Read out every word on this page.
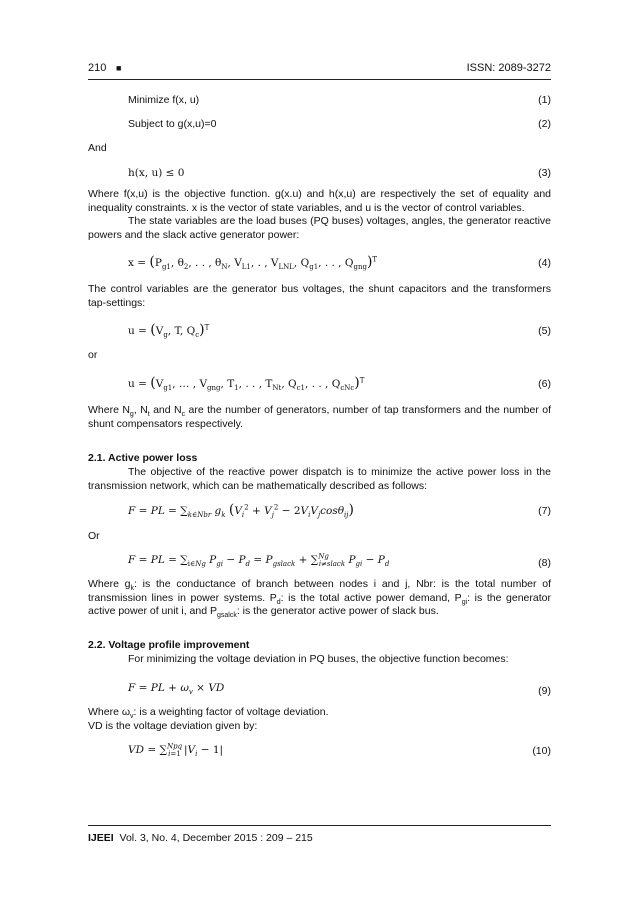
210 ■	ISSN: 2089-3272
Minimize f(x, u)	(1)
Subject to g(x,u)=0	(2)
And
h(x, u) ≤ 0	(3)

Where f(x,u) is the objective function. g(x.u) and h(x,u) are respectively the set of equality and inequality constraints. x is the vector of state variables, and u is the vector of control variables.

The state variables are the load buses (PQ buses) voltages, angles, the generator reactive powers and the slack active generator power:

$x = (P_{g1}$, $\theta_2$, . . , $\theta_N$, $V_{L1}$, . , $V_{LNL}$, $Q_{g1}$, . . , $Q_{gng})^T$	(4)

The control variables are the generator bus voltages, the shunt capacitors and the transformers tap-settings:

$u = (V_g$, T, $Q_c)^T$	(5)
or
$u = (V_{g1}$, … , $V_{gng}$, $T_1$, . . , $T_{Nt}$, $Q_{c1}$, . . , $Q_{cNc})^T$	(6)

Where $N_g$, $N_t$ and $N_c$ are the number of generators, number of tap transformers and the number of shunt compensators respectively.

2.1. Active power loss

The objective of the reactive power dispatch is to minimize the active power loss in the transmission network, which can be mathematically described as follows:

F = PL = $\sum_{k\in Nbr}$ $g_k$ $(V_i^2 + V_j^2 - 2V_iV_j\cos\theta_{ij})$	(7)
Or
F = PL = $\sum_{i\in Ng}$ $P_{gi} - P_d = P_{gslack} + \sum^{Ng}_{i\ne slack}$ $P_{gi} - P_d$	(8)

Where $g_k$: is the conductance of branch between nodes i and j, Nbr: is the total number of transmission lines in power systems. $P_d$: is the total active power demand, $P_{gi}$: is the generator active power of unit i, and $P_{gsalck}$: is the generator active power of slack bus.

2.2. Voltage profile improvement

For minimizing the voltage deviation in PQ buses, the objective function becomes:

F = PL + $\omega_v$ × VD	(9)

Where $\omega_v$: is a weighting factor of voltage deviation.
VD is the voltage deviation given by:

VD = ∑$^{Npq}_{i=1}$ $|V_i - 1|$	(10)
IJEEI Vol. 3, No. 4, December 2015 : 209 – 215
